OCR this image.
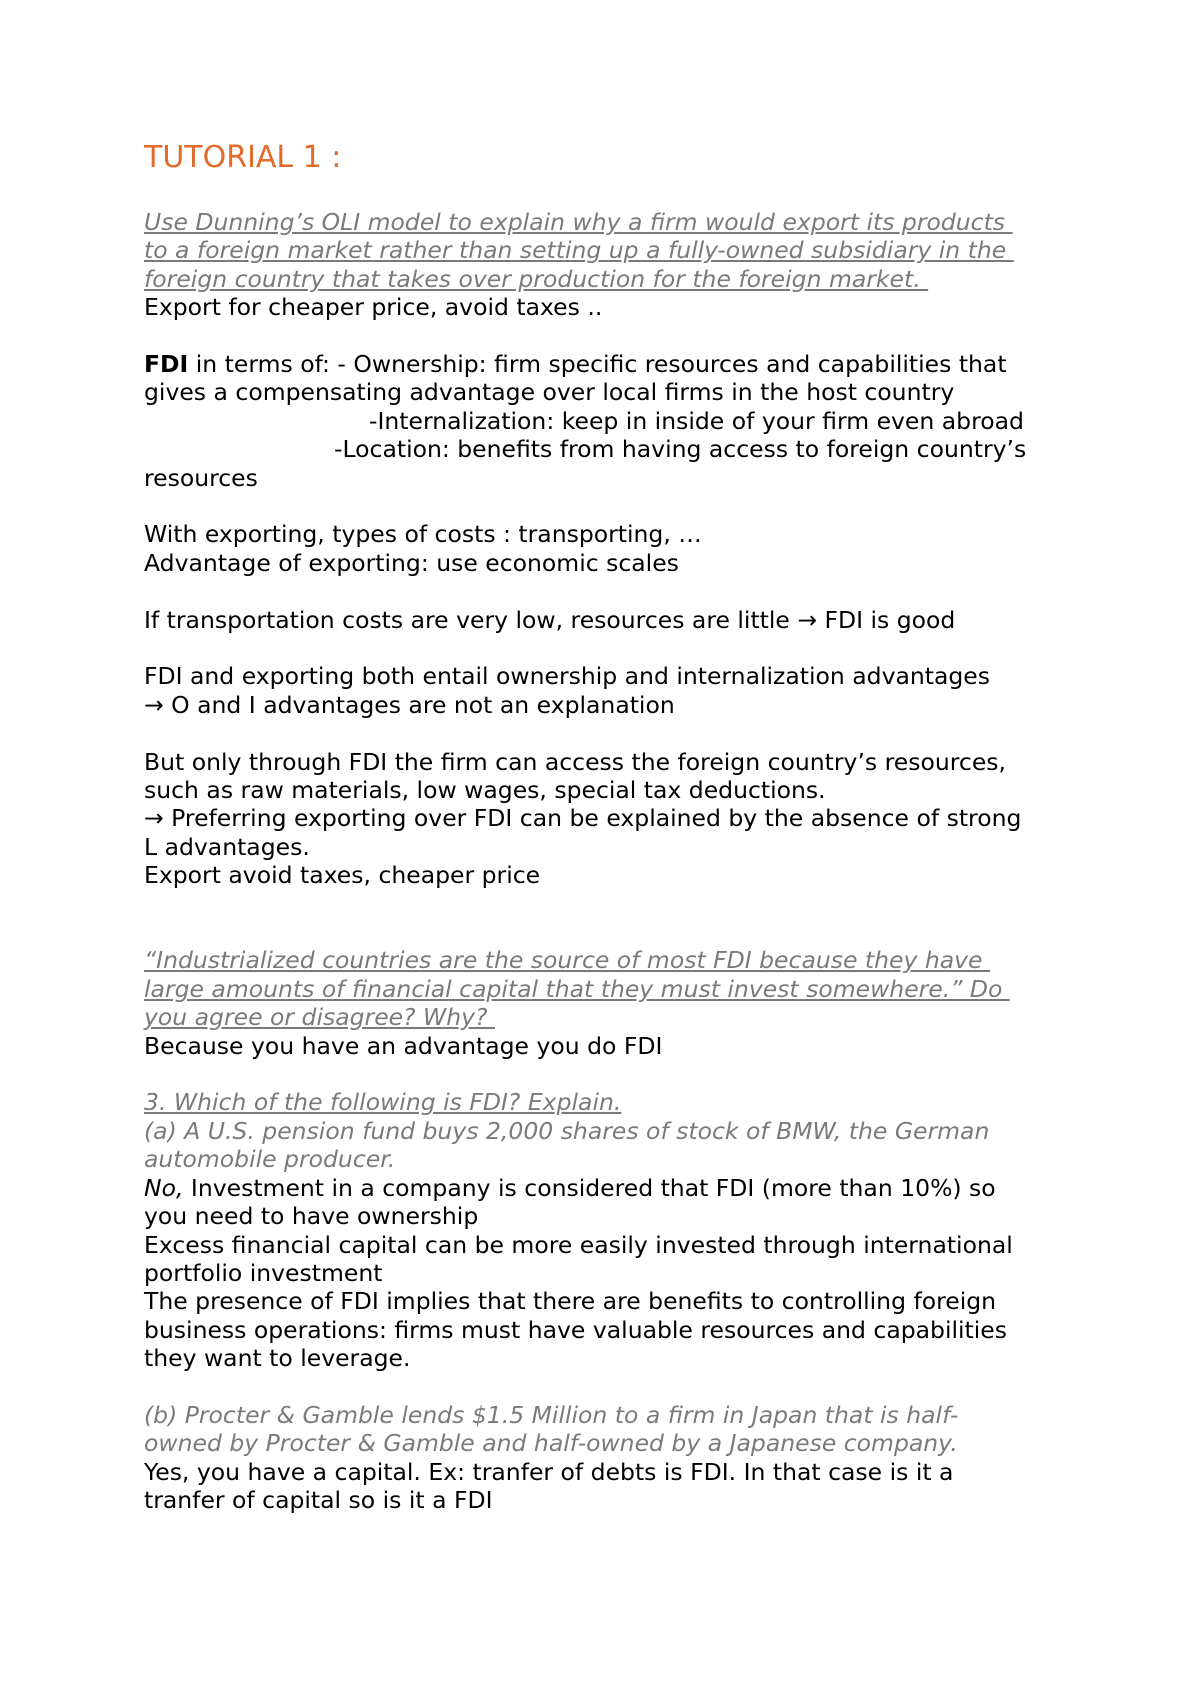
TUTORIAL 1 :

Use Dunning’s OLI model to explain why a firm would export its products

to a foreign market rather than setting up a fully-owned subsidiary in the

foreign country that takes over production for the foreign market.

Export for cheaper price, avoid taxes ..

FDI in terms of: - Ownership: firm specific resources and capabilities that

gives a compensating advantage over local firms in the host country

-Internalization: keep in inside of your firm even abroad

-Location: benefits from having access to foreign country’s

resources

With exporting, types of costs : transporting, …

Advantage of exporting: use economic scales

If transportation costs are very low, resources are little → FDI is good

FDI and exporting both entail ownership and internalization advantages

→ O and I advantages are not an explanation

But only through FDI the firm can access the foreign country’s resources,

such as raw materials, low wages, special tax deductions.

→ Preferring exporting over FDI can be explained by the absence of strong

L advantages.

Export avoid taxes, cheaper price

“Industrialized countries are the source of most FDI because they have

large amounts of financial capital that they must invest somewhere.” Do

you agree or disagree? Why?

Because you have an advantage you do FDI

3. Which of the following is FDI? Explain.

(a) A U.S. pension fund buys 2,000 shares of stock of BMW, the German

automobile producer.

No, Investment in a company is considered that FDI (more than 10%) so

you need to have ownership

Excess financial capital can be more easily invested through international

portfolio investment

The presence of FDI implies that there are benefits to controlling foreign

business operations: firms must have valuable resources and capabilities

they want to leverage.

(b) Procter & Gamble lends $1.5 Million to a firm in Japan that is half-

owned by Procter & Gamble and half-owned by a Japanese company.

Yes, you have a capital. Ex: tranfer of debts is FDI. In that case is it a

tranfer of capital so is it a FDI
